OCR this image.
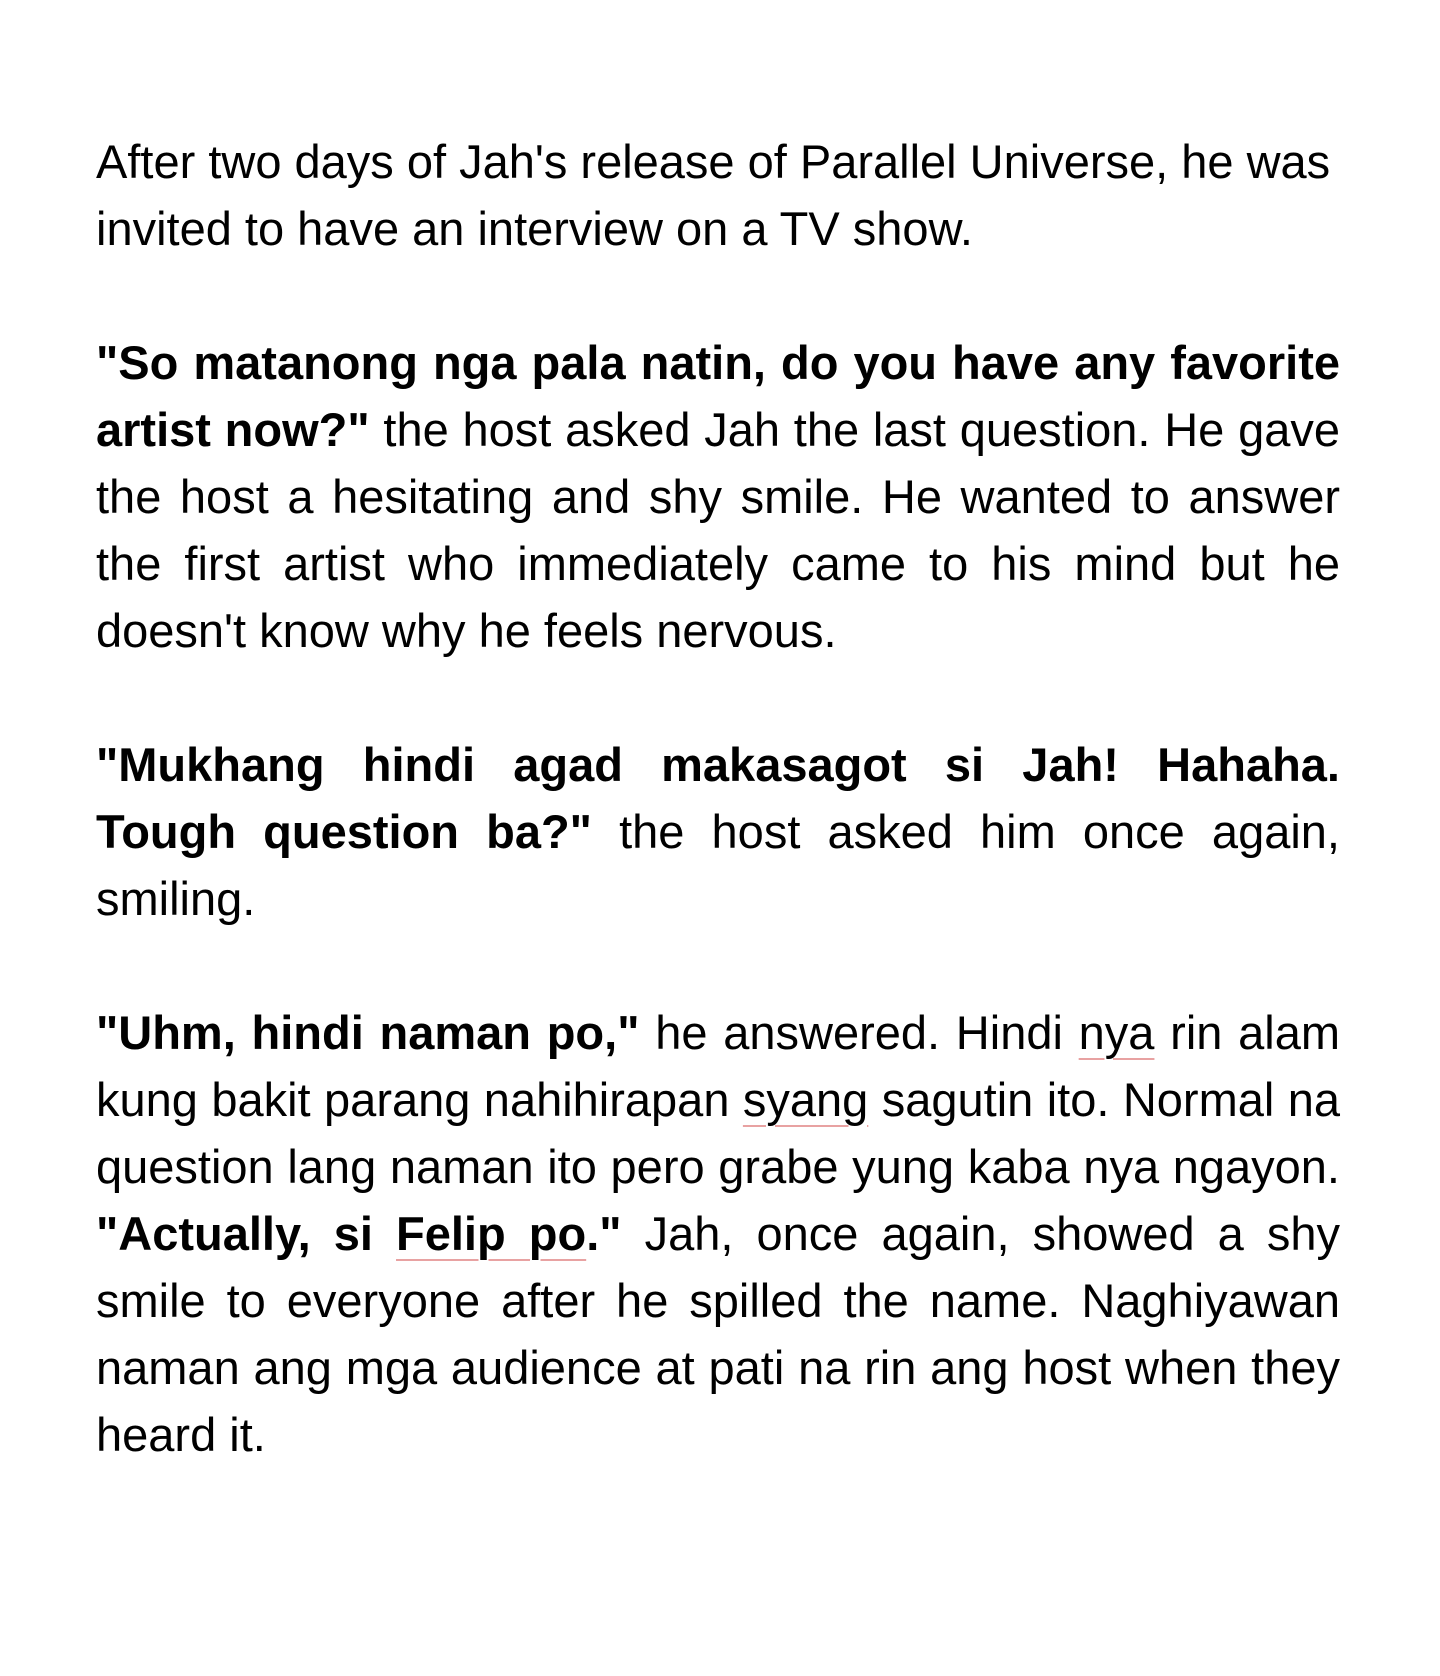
After two days of Jah's release of Parallel Universe, he was invited to have an interview on a TV show.

"So matanong nga pala natin, do you have any favorite artist now?" the host asked Jah the last question. He gave the host a hesitating and shy smile. He wanted to answer the first artist who immediately came to his mind but he doesn't know why he feels nervous.

"Mukhang hindi agad makasagot si Jah! Hahaha. Tough question ba?" the host asked him once again, smiling.

"Uhm, hindi naman po," he answered. Hindi nya rin alam kung bakit parang nahihirapan syang sagutin ito. Normal na question lang naman ito pero grabe yung kaba nya ngayon. "Actually, si Felip po." Jah, once again, showed a shy smile to everyone after he spilled the name. Naghiyawan naman ang mga audience at pati na rin ang host when they heard it.
